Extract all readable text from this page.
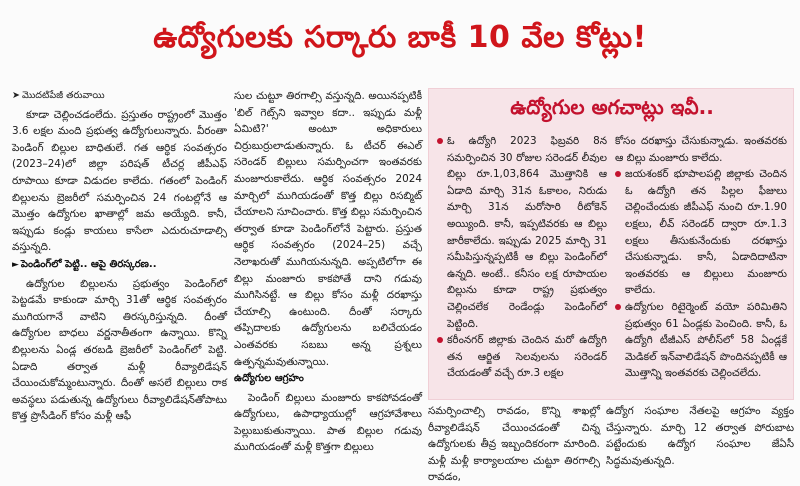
ఉద్యోగులకు సర్కారు బాకీ 10 వేల కోట్లు!
➤ మొదటిపేజీ తరువాయి

కూడా చెల్లించడంలేదు. ప్రస్తుతం రాష్ట్రంలో మొత్తం 3.6 లక్షల మంది ప్రభుత్వ ఉద్యోగులున్నారు. వీరంతా పెండింగ్ బిల్లుల బాధితులే. గత ఆర్థిక సంవత్సరం (2023–24)లో జిల్లా పరిషత్ టీచర్ల జీపీఎఫ్ రూపాయి కూడా విడుదల కాలేదు. గతంలో పెండింగ్ బిల్లులను బ్రెజరీలో సమర్పించిన 24 గంటల్లోనే ఆ మొత్తం ఉద్యోగుల ఖాతాల్లో జమ అయ్యేది. కానీ, ఇప్పుడు కండ్లు కాయలు కాసేలా ఎదురుచూడాల్సి వస్తున్నది.

► పెండింగ్‌లో పెట్టి.. ఆపై తిరస్కరణ..

ఉద్యోగుల బిల్లులను ప్రభుత్వం పెండింగ్‌లో పెట్టడమే కాకుండా మార్చి 31తో ఆర్థిక సంవత్సరం ముగియగానే వాటిని తిరస్కరిస్తున్నది. దీంతో ఉద్యోగుల బాధలు వర్ణనాతీతంగా ఉన్నాయి. కొన్ని బిల్లులను ఏండ్ల తరబడి బ్రెజరీలో పెండింగ్‌లో పెట్టి. ఏడాది తర్వాత మళ్లీ రీవ్యాలిడేషన్ చేయించుకోమ్మంటున్నారు. దీంతో అసలే బిల్లులు రాక అవస్థలు పడుతున్న ఉద్యోగులు రీవ్యాలిడేషన్‌తోపాటు కొత్త ప్రొసీడింగ్ కోసం మళ్లీ ఆఫీ

సుల చుట్టూ తిరగాల్సి వస్తున్నది. అయినప్పటికీ 'బిల్ గెట్స్‌ని ఇవ్వాల కదా.. ఇప్పుడు మళ్లీ ఏమిటి?' అంటూ అధికారులు చిర్రుబుర్రులాడుతున్నారు. ఓ టీచర్ ఈఎల్ సరెండర్ బిల్లులు సమర్పించగా ఇంతవరకు మంజూరుకాలేదు. ఆర్థిక సంవత్సరం 2024 మార్చిలో ముగియడంతో కొత్త బిల్లు రిసబ్మిట్ చేయాలని సూచించారు. కొత్త బిల్లు సమర్పించిన తర్వాత కూడా పెండింగ్‌లోనే పెట్టారు. ప్రస్తుత ఆర్థిక సంవత్సరం (2024–25) వచ్చే నెలాఖరుతో ముగియనున్నది. అప్పటిలోగా ఈ బిల్లు మంజూరు కాకపోతే దాని గడువు ముగిసినట్టే. ఆ బిల్లు కోసం మళ్లీ దరఖాస్తు చేయాల్సి ఉంటుంది. దీంతో సర్కారు తప్పిదాలకు ఉద్యోగులను బలిచేయడం ఎంతవరకు సబబు అన్న ప్రశ్నలు ఉత్పన్నమవుతున్నాయి.

ఉద్యోగుల ఆగ్రహం

పెండింగ్ బిల్లులు మంజూరు కాకపోవడంతో ఉద్యోగులు, ఉపాధ్యాయుల్లో ఆగ్రహావేశాలు పెల్లుబుకుతున్నాయి. పాత బిల్లుల గడువు ముగియడంతో మళ్లీ కొత్తగా బిల్లులు

ఉద్యోగుల అగచాట్లు ఇవీ..
ఓ ఉద్యోగి 2023 ఫిబ్రవరి 8న సమర్పించిన 30 రోజుల సరెండర్ లీవుల బిల్లు రూ.1,03,864 మొత్తానికి ఆ ఏడాది మార్చి 31న ఓకాలం, నిరుడు మార్చి 31న మరోసారి రీటోకెన్ అయ్యింది. కానీ, ఇప్పటివరకు ఆ బిల్లు జారీకాలేదు. ఇప్పుడు 2025 మార్చి 31 సమీపిస్తున్నప్పటికీ ఆ బిల్లు పెండింగ్‌లో ఉన్నది. అంటే.. కనీసం లక్ష రూపాయల బిల్లును కూడా రాష్ట్ర ప్రభుత్వం చెల్లించలేక రెండేండ్లు పెండింగ్‌లో పెట్టింది.
కరీంనగర్ జిల్లాకు చెందిన మరో ఉద్యోగి తన ఆర్జిత సెలవులను సరెండర్ చేయడంతో వచ్చే రూ.3 లక్షల

కోసం దరఖాస్తు చేసుకున్నాడు. ఇంతవరకు ఆ బిల్లు మంజూరు కాలేదు.

జయశంకర్ భూపాలపల్లి జిల్లాకు చెందిన ఓ ఉద్యోగి తన పిల్లల ఫీజులు చెల్లించేందుకు జీపీఎఫ్ నుంచి రూ.1.90 లక్షలు, లీవ్ సరెండర్ ద్వారా రూ.1.3 లక్షలు తీసుకునేందుకు దరఖాస్తు చేసుకున్నాడు. కానీ, ఏడాదిదాటినా ఇంతవరకు ఆ బిల్లులు మంజూరు కాలేదు.
ఉద్యోగుల రిటైర్మెంట్ వయో పరిమితిని ప్రభుత్వం 61 ఏండ్లకు పెంచింది. కానీ, ఓ ఉద్యోగి టీజీఎస్ పోలీస్‌లో 58 ఏండ్లకే మెడికల్ ఇన్‌వాలిడేషన్ పొందినప్పటికీ ఆ మొత్తాన్ని ఇంతవరకు చెల్లించలేదు.

సమర్పించాల్సి రావడం, కొన్ని శాఖల్లో రీవ్యాలిడేషన్ చేయించడంతో చిన్న ఉద్యోగులకు తీవ్ర ఇబ్బందికరంగా మారింది. మళ్లీ మళ్లీ కార్యాలయాల చుట్టూ తిరగాల్సి రావడం,

ఉద్యోగ సంఘాల నేతలపై ఆగ్రహం వ్యక్తం చేస్తున్నారు. మార్చి 12 తర్వాత పోరుబాట పట్టేందుకు ఉద్యోగ సంఘాల జేఏసీ సిద్ధమవుతున్నది.
